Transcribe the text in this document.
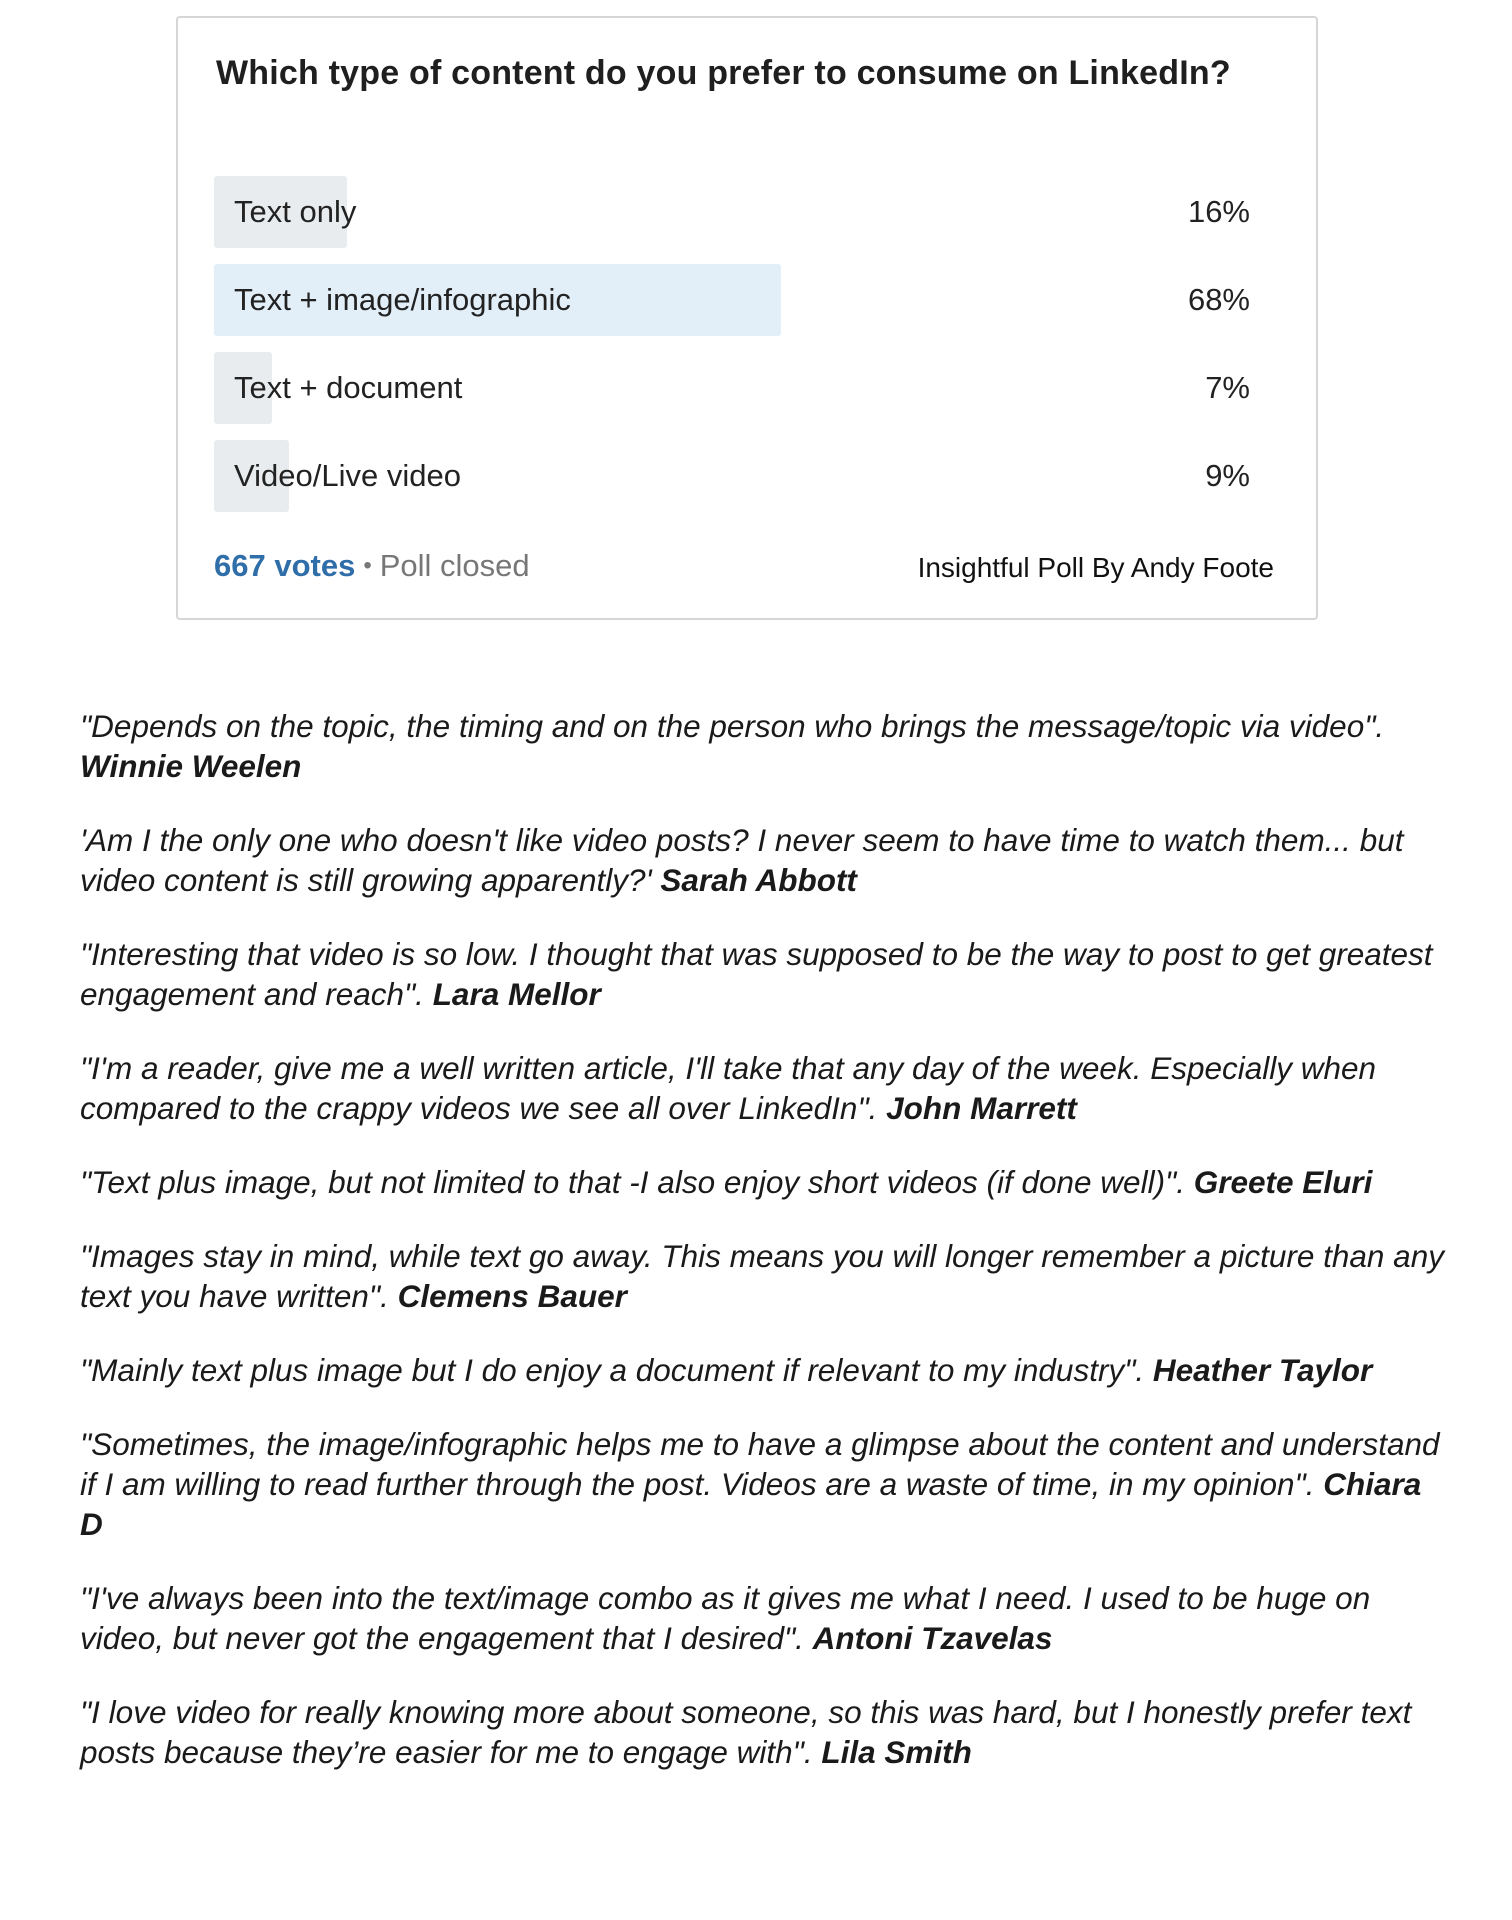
Which type of content do you prefer to consume on LinkedIn?
Text only	16%
Text + image/infographic	68%
Text + document	7%
Video/Live video	9%
667 votes • Poll closed	Insightful Poll By Andy Foote

"Depends on the topic, the timing and on the person who brings the message/topic via video". Winnie Weelen

'Am I the only one who doesn't like video posts? I never seem to have time to watch them... but video content is still growing apparently?' Sarah Abbott

"Interesting that video is so low. I thought that was supposed to be the way to post to get greatest engagement and reach". Lara Mellor

"I'm a reader, give me a well written article, I'll take that any day of the week. Especially when compared to the crappy videos we see all over LinkedIn". John Marrett

"Text plus image, but not limited to that -I also enjoy short videos (if done well)". Greete Eluri

"Images stay in mind, while text go away. This means you will longer remember a picture than any text you have written". Clemens Bauer

"Mainly text plus image but I do enjoy a document if relevant to my industry". Heather Taylor

"Sometimes, the image/infographic helps me to have a glimpse about the content and understand if I am willing to read further through the post. Videos are a waste of time, in my opinion". Chiara D

"I've always been into the text/image combo as it gives me what I need. I used to be huge on video, but never got the engagement that I desired". Antoni Tzavelas

"I love video for really knowing more about someone, so this was hard, but I honestly prefer text posts because they’re easier for me to engage with". Lila Smith
